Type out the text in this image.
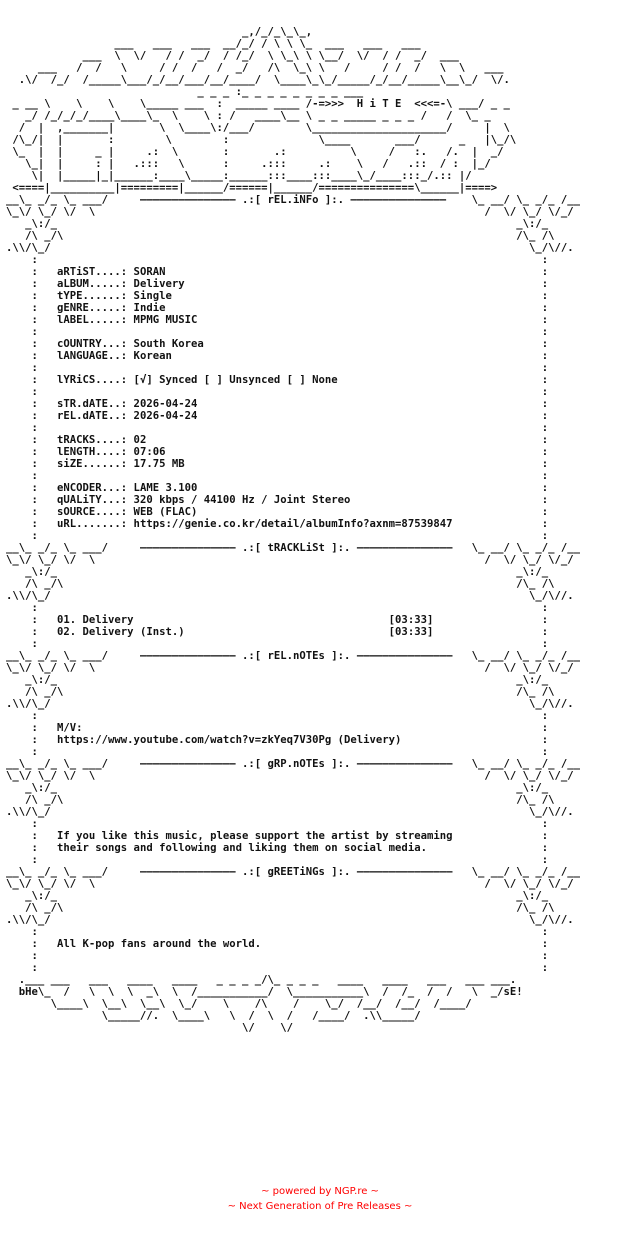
_,/_/_\_\_,
___   ___   ___  __/_/ / \ \ \_  ___   ___   ___
___  \  \/   / /  _/  / /_/  \ \_\ \ \__/  \/  / /  _/  ___
___   /  /   \     / /  /   /  _/   /\  \_\ \   /     / /  /   \  \   ___
.\/  /_/  /_____\___/_/__/___/__/____/  \____\_\_/_____/_/__/_____\__\_/  \/.
_ _ _ :_ _ _ _ _ _ _ _ ___
_ __ \    \    \    \_____ ___  :  _____ ____ /-=>>>  H i T E  <<<=-\ ___/ _ _
_/ /_/_/_/____\____\_  \    \ : /   ____\__ \ _ _ _____ _ _ _ /   /  \_ _
/  |  ,_______|       \  \____\:/___/        \_____________________/     |  \
/\_/|  |       :        \        :              \____       ___/      _   |\_/\
\_  |  |     _ |     .:  \       :       .:          \     /   :.   /.  |  _/
\_|  |     : |   .:::   \      :     .:::     .:    \   /   .::  / :  |_/
\|  |_____|_|______:____\_____:______:::____:::____\_/____:::_/.:: |/
<====|__________|=========|______/======|______/===============\______|====>
__\_ _/_ \_ ___/     ——————————————— .:[ rEL.iNFo ]:. ———————————————    \_ __/ \_ _/_ /__
\_\/ \_/ \/  \                                                             /  \/ \_/ \/_/
_\:/_                                                                        _\:/_
/\ _/\                                                                       /\_ /\
.\\/\_/                                                                           \_/\//.
:                                                                               :
:   aRTiST....: SORAN                                                           :
:   aLBUM.....: Delivery                                                        :
:   tYPE......: Single                                                          :
:   gENRE.....: Indie                                                           :
:   lABEL.....: MPMG MUSIC                                                      :
:	:
:   cOUNTRY...: South Korea                                                     :
:   lANGUAGE..: Korean                                                          :
:	:
:   lYRiCS....: [√] Synced [ ] Unsynced [ ] None                                :
:	:
:   sTR.dATE..: 2026-04-24                                                      :
:   rEL.dATE..: 2026-04-24                                                      :
:	:
:   tRACKS....: 02                                                              :
:   lENGTH....: 07:06                                                           :
:   siZE......: 17.75 MB                                                        :
:	:
:   eNCODER...: LAME 3.100                                                      :
:   qUALiTY...: 320 kbps / 44100 Hz / Joint Stereo                              :
:   sOURCE....: WEB (FLAC)                                                      :
:   uRL.......: https://genie.co.kr/detail/albumInfo?axnm=87539847              :
:                                                                               :
__\_ _/_ \_ ___/     ——————————————— .:[ tRACKLiSt ]:. ———————————————   \_ __/ \_ _/_ /__
\_\/ \_/ \/  \                                                             /  \/ \_/ \/_/
_\:/_                                                                        _\:/_
/\ _/\                                                                       /\_ /\
.\\/\_/                                                                           \_/\//.
:                                                                               :
:   01. Delivery                                        [03:33]                 :
:   02. Delivery (Inst.)                                [03:33]                 :
:                                                                               :
__\_ _/_ \_ ___/     ——————————————— .:[ rEL.nOTEs ]:. ———————————————   \_ __/ \_ _/_ /__
\_\/ \_/ \/  \                                                             /  \/ \_/ \/_/
_\:/_                                                                        _\:/_
/\ _/\                                                                       /\_ /\
.\\/\_/                                                                           \_/\//.
:                                                                               :
:   M/V:                                                                        :
:   https://www.youtube.com/watch?v=zkYeq7V30Pg (Delivery)                      :
:                                                                               :
__\_ _/_ \_ ___/     ——————————————— .:[ gRP.nOTEs ]:. ———————————————   \_ __/ \_ _/_ /__
\_\/ \_/ \/  \                                                             /  \/ \_/ \/_/
_\:/_                                                                        _\:/_
/\ _/\                                                                       /\_ /\
.\\/\_/                                                                           \_/\//.
:                                                                               :
:   If you like this music, please support the artist by streaming              :
:   their songs and following and liking them on social media.                  :
:                                                                               :
__\_ _/_ \_ ___/     ——————————————— .:[ gREETiNGs ]:. ———————————————   \_ __/ \_ _/_ /__
\_\/ \_/ \/  \                                                             /  \/ \_/ \/_/
_\:/_                                                                        _\:/_
/\ _/\                                                                       /\_ /\
.\\/\_/                                                                           \_/\//.
:                                                                               :
:   All K-pop fans around the world.                                            :
:                                                                               :
:                                                                               :
.___ ___   ___   ____   ____   _ _ _ _/\_ _ _ _   ____   ____   ___   ___ ___.
bHe\_  /   \  \  \  _\  \  /___________/  \___________\  /  /_  /  /   \  _/sE!
\____\  \__\  \__\  \_/    \    /\    /    \_/  /__/  /__/  /____/
\_____//.  \____\   \  /  \  /   /____/  .\\_____/
\/    \/

~ powered by NGP.re ~
~ Next Generation of Pre Releases ~
